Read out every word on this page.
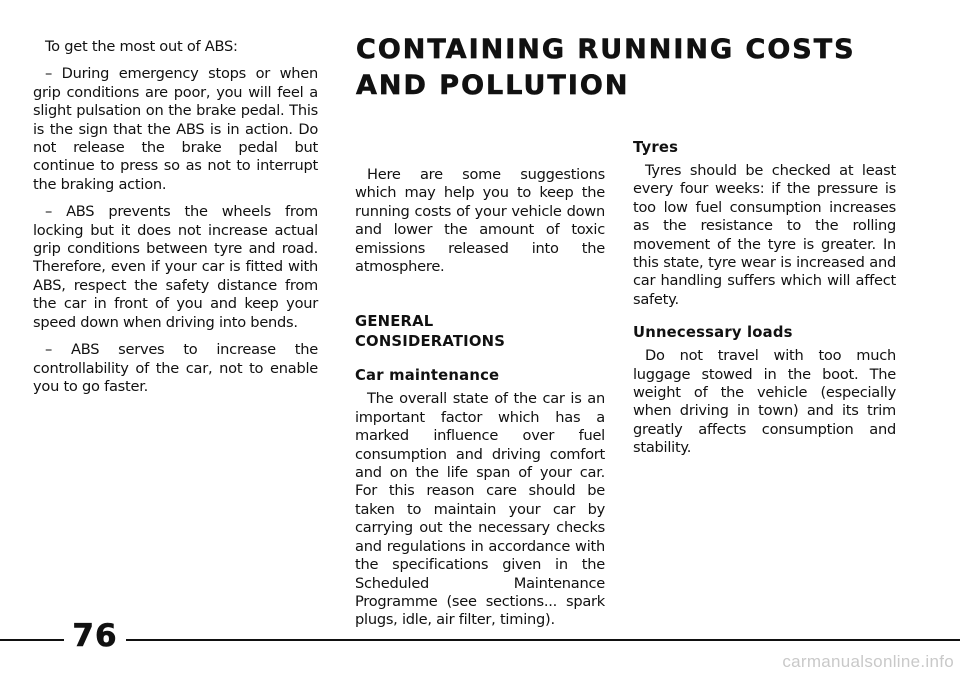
To get the most out of ABS:

– During emergency stops or when grip conditions are poor, you will feel a slight pulsation on the brake pedal. This is the sign that the ABS is in action. Do not release the brake pedal but continue to press so as not to interrupt the braking action.

– ABS prevents the wheels from locking but it does not increase actual grip conditions between tyre and road. Therefore, even if your car is fitted with ABS, respect the safety distance from the car in front of you and keep your speed down when driving into bends.

– ABS serves to increase the controllability of the car, not to enable you to go faster.

CONTAINING RUNNING COSTS AND POLLUTION

Here are some suggestions which may help you to keep the running costs of your vehicle down and lower the amount of toxic emissions released into the atmosphere.

GENERAL
CONSIDERATIONS
Car maintenance

The overall state of the car is an important factor which has a marked influence over fuel consumption and driving comfort and on the life span of your car. For this reason care should be taken to maintain your car by carrying out the necessary checks and regulations in accordance with the specifications given in the Scheduled Maintenance Programme (see sections... spark plugs, idle, air filter, timing).

Tyres

Tyres should be checked at least every four weeks: if the pressure is too low fuel consumption increases as the resistance to the rolling movement of the tyre is greater. In this state, tyre wear is increased and car handling suffers which will affect safety.

Unnecessary loads

Do not travel with too much luggage stowed in the boot. The weight of the vehicle (especially when driving in town) and its trim greatly affects consumption and stability.

76
carmanualsonline.info
